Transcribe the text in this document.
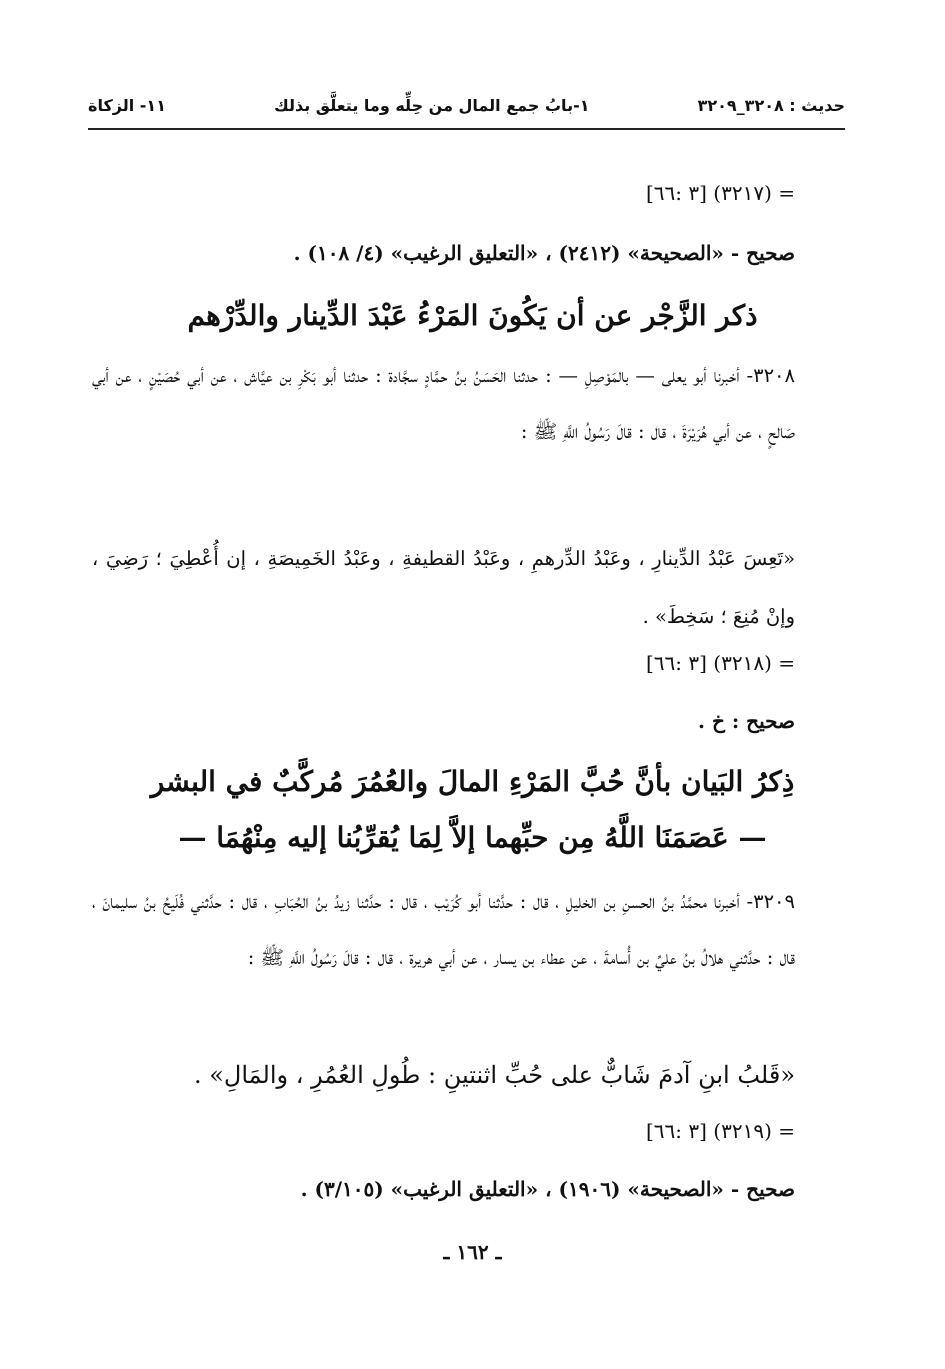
١١- الزكاة	١-بابُ جمع المال من حِلِّه وما يتعلَّق بذلك	حديث : ٣٢٠٨_٣٢٠٩
= (٣٢١٧) [٣ :٦٦]
صحيح - «الصحيحة» (٢٤١٢) ، «التعليق الرغيب» (٤/ ١٠٨) .
ذكر الزَّجْر عن أن يَكُونَ المَرْءُ عَبْدَ الدِّينار والدِّرْهم
٣٢٠٨- أخبرنا أبو يعلى — بالمَوْصِلِ — : حدثنا الحَسَنُ بنُ حمَّادٍ سجَّادة : حدثنا أبو بَكْرِ بن عيَّاش ، عن أبي حُصَيْنٍ ، عن أبي صَالحٍ ، عن أبي هُرَيْرَةَ ، قال : قالَ رَسُولُ اللَّهِ ﷺ :
«تَعِسَ عَبْدُ الدِّينارِ ، وعَبْدُ الدِّرهمِ ، وعَبْدُ القطيفةِ ، وعَبْدُ الخَمِيصَةِ ، إن أُعْطِيَ ؛ رَضِيَ ، وإنْ مُنِعَ ؛ سَخِطَ» .
= (٣٢١٨) [٣ :٦٦]
صحيح : خ .
ذِكرُ البَيان بأنَّ حُبَّ المَرْءِ المالَ والعُمُرَ مُركَّبٌ في البشر
— عَصَمَنَا اللَّهُ مِن حبِّهما إلاَّ لِمَا يُقرِّبُنا إليه مِنْهُمَا —
٣٢٠٩- أخبرنا محمَّدُ بنُ الحسنِ بن الخليلِ ، قال : حدَّثنا أبو كُرَيْب ، قال : حدَّثنا زيدُ بنُ الحُبَابِ ، قال : حدَّثني فُلَيحُ بنُ سليمانَ ، قال : حدَّثني هلالُ بنُ عليِّ بن أُسامةَ ، عن عطاء بن يسار ، عن أبي هريرة ، قال : قالَ رَسُولُ اللَّهِ ﷺ :
«قَلبُ ابنِ آدمَ شَابٌّ على حُبِّ اثنتينِ : طُولِ العُمُرِ ، والمَالِ» .
= (٣٢١٩) [٣ :٦٦]
صحيح - «الصحيحة» (١٩٠٦) ، «التعليق الرغيب» (٣/١٠٥) .
ـ ١٦٢ ـ
